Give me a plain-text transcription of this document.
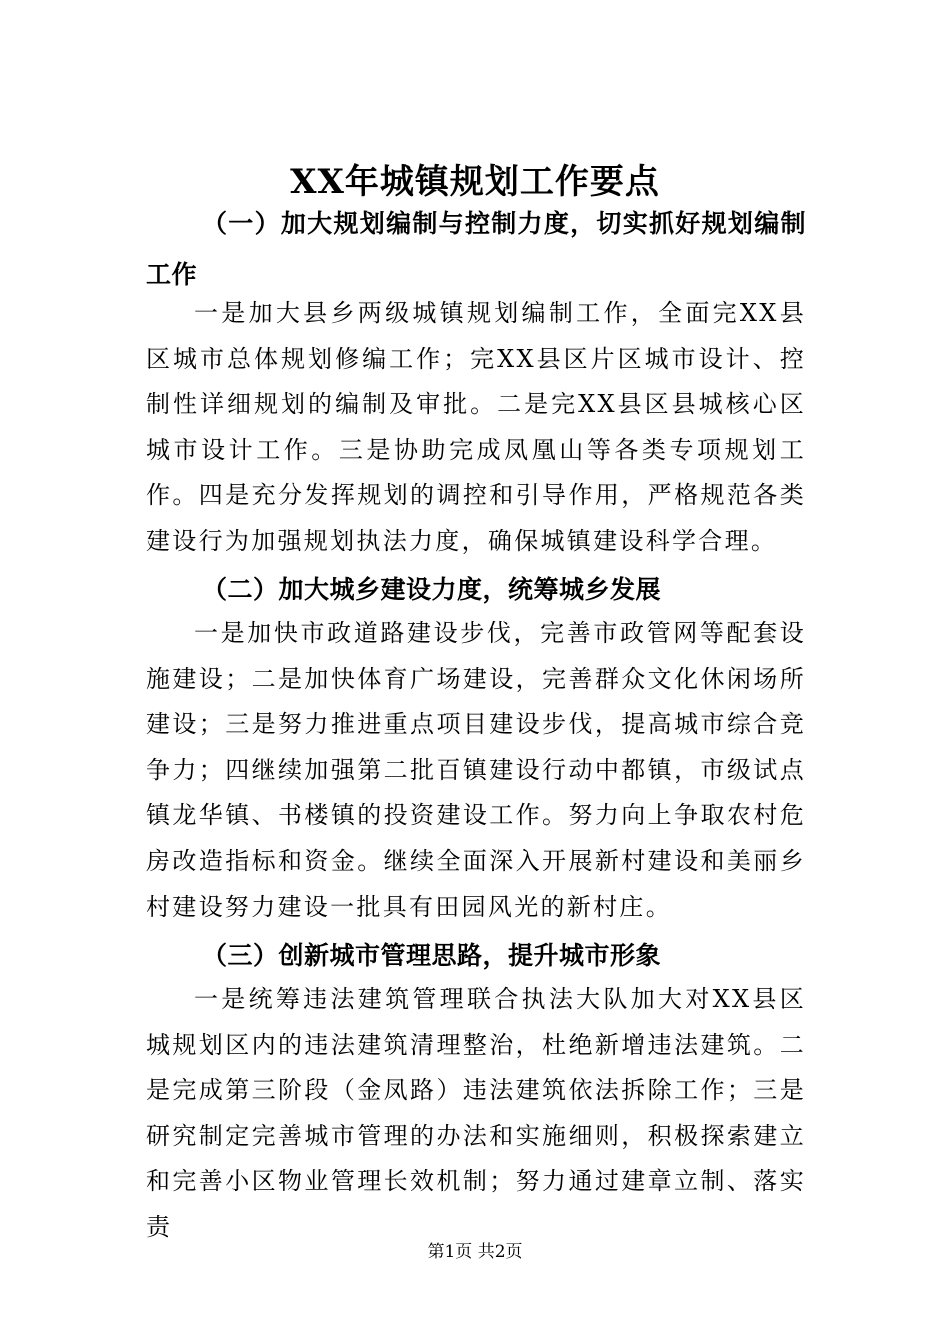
XX年城镇规划工作要点

（一）加大规划编制与控制力度，切实抓好规划编制工作

一是加大县乡两级城镇规划编制工作，全面完XX县区城市总体规划修编工作；完XX县区片区城市设计、控制性详细规划的编制及审批。二是完XX县区县城核心区城市设计工作。三是协助完成凤凰山等各类专项规划工作。四是充分发挥规划的调控和引导作用，严格规范各类建设行为加强规划执法力度，确保城镇建设科学合理。

（二）加大城乡建设力度，统筹城乡发展

一是加快市政道路建设步伐，完善市政管网等配套设施建设；二是加快体育广场建设，完善群众文化休闲场所建设；三是努力推进重点项目建设步伐，提高城市综合竞争力；四继续加强第二批百镇建设行动中都镇，市级试点镇龙华镇、书楼镇的投资建设工作。努力向上争取农村危房改造指标和资金。继续全面深入开展新村建设和美丽乡村建设努力建设一批具有田园风光的新村庄。

（三）创新城市管理思路，提升城市形象

一是统筹违法建筑管理联合执法大队加大对XX县区城规划区内的违法建筑清理整治，杜绝新增违法建筑。二是完成第三阶段（金凤路）违法建筑依法拆除工作；三是研究制定完善城市管理的办法和实施细则，积极探索建立和完善小区物业管理长效机制；努力通过建章立制、落实责

第1页 共2页
